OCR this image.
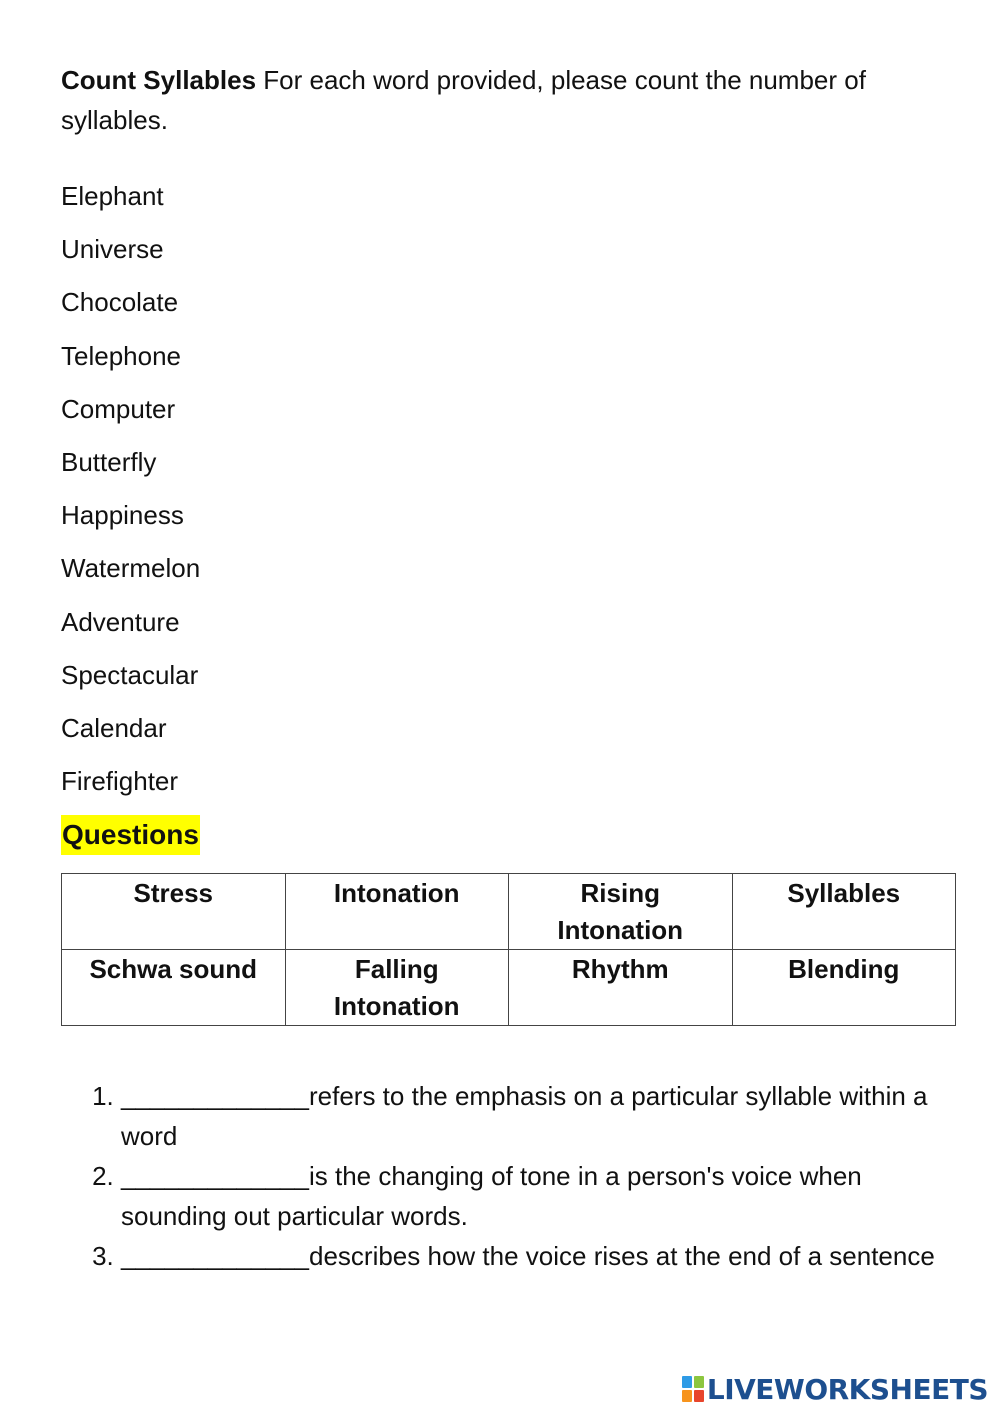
Count Syllables For each word provided, please count the number of syllables.
Elephant
Universe
Chocolate
Telephone
Computer
Butterfly
Happiness
Watermelon
Adventure
Spectacular
Calendar
Firefighter
Questions
Stress	Intonation	Rising Intonation	Syllables
Schwa sound	Falling Intonation	Rhythm	Blending
1. _____________refers to the emphasis on a particular syllable within a word
2. _____________is the changing of tone in a person's voice when sounding out particular words.
3. _____________describes how the voice rises at the end of a sentence
LIVEWORKSHEETS
